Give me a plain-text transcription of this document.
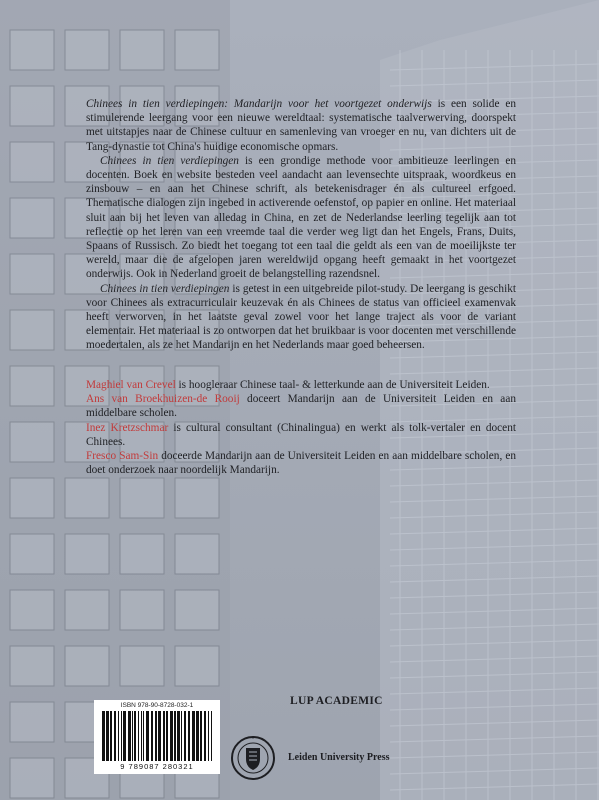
Chinees in tien verdiepingen: Mandarijn voor het voortgezet onderwijs is een solide en stimulerende leergang voor een nieuwe wereldtaal: systematische taalverwerving, doorspekt met uitstapjes naar de Chinese cultuur en samenleving van vroeger en nu, van dichters uit de Tang-dynastie tot China's huidige economische opmars.

Chinees in tien verdiepingen is een grondige methode voor ambitieuze leerlingen en docenten. Boek en website besteden veel aandacht aan levensechte uitspraak, woordkeus en zinsbouw – en aan het Chinese schrift, als betekenisdrager én als cultureel erfgoed. Thematische dialogen zijn ingebed in activerende oefenstof, op papier en online. Het materiaal sluit aan bij het leven van alledag in China, en zet de Nederlandse leerling tegelijk aan tot reflectie op het leren van een vreemde taal die verder weg ligt dan het Engels, Frans, Duits, Spaans of Russisch. Zo biedt het toegang tot een taal die geldt als een van de moeilijkste ter wereld, maar die de afgelopen jaren wereldwijd opgang heeft gemaakt in het voortgezet onderwijs. Ook in Nederland groeit de belangstelling razendsnel.

Chinees in tien verdiepingen is getest in een uitgebreide pilot-study. De leergang is geschikt voor Chinees als extracurriculair keuzevak én als Chinees de status van officieel examenvak heeft verworven, in het laatste geval zowel voor het lange traject als voor de variant elementair. Het materiaal is zo ontworpen dat het bruikbaar is voor docenten met verschillende moedertalen, als ze het Mandarijn en het Nederlands maar goed beheersen.

Maghiel van Crevel is hoogleraar Chinese taal- & letterkunde aan de Universiteit Leiden.

Ans van Broekhuizen-de Rooij doceert Mandarijn aan de Universiteit Leiden en aan middelbare scholen.

Inez Kretzschmar is cultural consultant (Chinalingua) en werkt als tolk-vertaler en docent Chinees.

Fresco Sam-Sin doceerde Mandarijn aan de Universiteit Leiden en aan middelbare scholen, en doet onderzoek naar noordelijk Mandarijn.

ISBN 978-90-8728-032-1
9 789087 280321
LUP ACADEMIC
Leiden University Press
